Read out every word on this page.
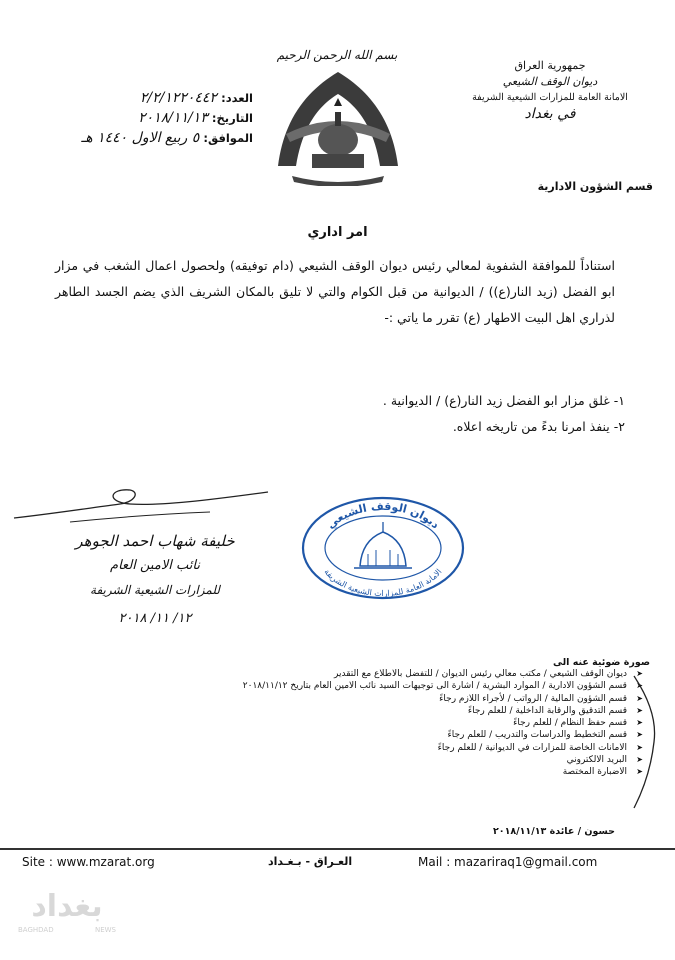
جمهورية العراق
ديوان الوقف الشيعي
الامانة العامة للمزارات الشيعية الشريفة
في بغداد
بسم الله الرحمن الرحيم
العدد: ٢/٢/١٢٢٠٤٤٢
التاريخ: ٢٠١٨/١١/١٣
الموافق: ٥ ربيع الاول ١٤٤٠ هـ
قسم الشؤون الادارية
امر اداري
استناداً للموافقة الشفوية لمعالي رئيس ديوان الوقف الشيعي (دام توفيقه) ولحصول اعمال الشغب في مزار ابو الفضل (زيد النار(ع)) / الديوانية من قبل الكوام والتي لا تليق بالمكان الشريف الذي يضم الجسد الطاهر لذراري اهل البيت الاطهار (ع) تقرر ما ياتي :-
١- غلق مزار ابو الفضل زيد النار(ع) / الديوانية .
٢- ينفذ امرنا بدءً من تاريخه اعلاه.
خليفة شهاب احمد الجوهر
نائب الامين العام
للمزارات الشيعية الشريفة
١٢/ ١١/ ٢٠١٨
ديوان الوقف الشيعي
الامانة العامة للمزارات الشيعية الشريفة
صورة ضوئية عنه الى
ديوان الوقف الشيعي / مكتب معالي رئيس الديوان / للتفضل بالاطلاع مع التقدير ➤
قسم الشؤون الادارية / الموارد البشرية / اشارة الى توجيهات السيد نائب الامين العام بتاريخ ٢٠١٨/١١/١٢ ➤
قسم الشؤون المالية / الرواتب / لأجراء اللازم رجاءً ➤
قسم التدقيق والرقابة الداخلية / للعلم رجاءً ➤
قسم حفظ النظام / للعلم رجاءً ➤
قسم التخطيط والدراسات والتدريب / للعلم رجاءً ➤
الامانات الخاصة للمزارات في الديوانية / للعلم رجاءً ➤
البريد الالكتروني ➤
الاضبارة المختصة ➤
حسون / عائدة ٢٠١٨/١١/١٣
Site : www.mzarat.org	العـراق - بـغـداد	Mail : mazariraq1@gmail.com
بغداد
BAGHDAD	NEWS
